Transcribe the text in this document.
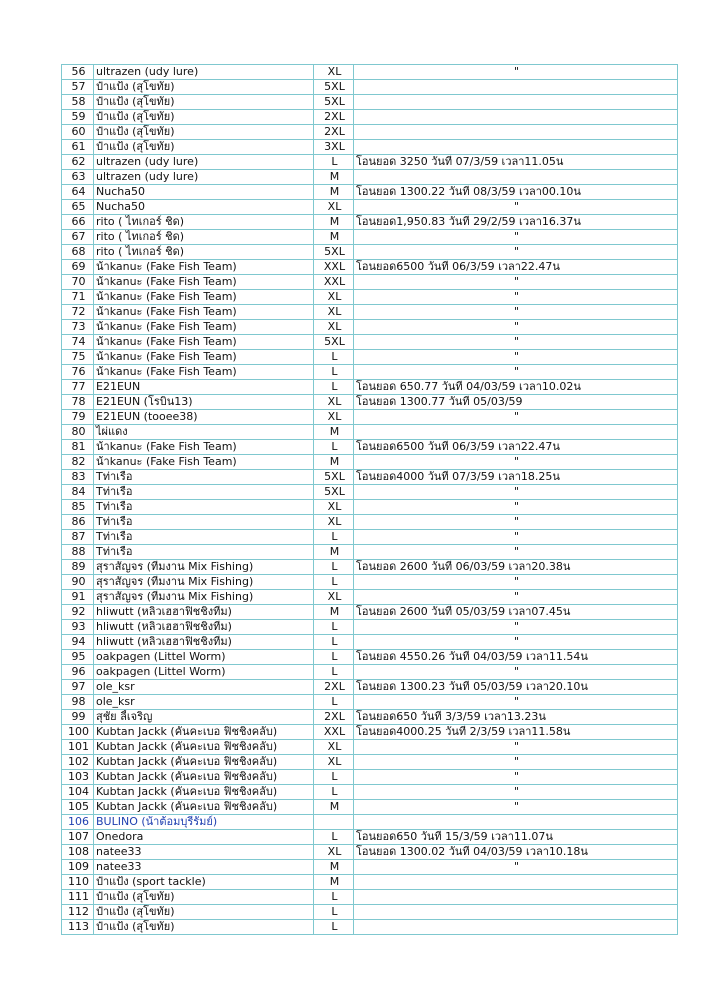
56	ultrazen (udy lure)	XL	"
57	ป๋าแป้ง (สุโขทัย)	5XL	
58	ป๋าแป้ง (สุโขทัย)	5XL	
59	ป๋าแป้ง (สุโขทัย)	2XL	
60	ป๋าแป้ง (สุโขทัย)	2XL	
61	ป๋าแป้ง (สุโขทัย)	3XL	
62	ultrazen (udy lure)	L	โอนยอด 3250 วันที่ 07/3/59 เวลา11.05น
63	ultrazen (udy lure)	M	
64	Nucha50	M	โอนยอด 1300.22 วันที่ 08/3/59 เวลา00.10น
65	Nucha50	XL	"
66	rito ( ไทเกอร์ ชิด)	M	โอนยอด1,950.83 วันที่ 29/2/59 เวลา16.37น
67	rito ( ไทเกอร์ ชิด)	M	"
68	rito ( ไทเกอร์ ชิด)	5XL	"
69	น้าkanuะ (Fake Fish Team)	XXL	โอนยอด6500 วันที่ 06/3/59 เวลา22.47น
70	น้าkanuะ (Fake Fish Team)	XXL	"
71	น้าkanuะ (Fake Fish Team)	XL	"
72	น้าkanuะ (Fake Fish Team)	XL	"
73	น้าkanuะ (Fake Fish Team)	XL	"
74	น้าkanuะ (Fake Fish Team)	5XL	"
75	น้าkanuะ (Fake Fish Team)	L	"
76	น้าkanuะ (Fake Fish Team)	L	"
77	E21EUN	L	โอนยอด 650.77 วันที่ 04/03/59 เวลา10.02น
78	E21EUN (โรบิน13)	XL	โอนยอด 1300.77 วันที่ 05/03/59
79	E21EUN (tooee38)	XL	"
80	ไผ่แดง	M	
81	น้าkanuะ (Fake Fish Team)	L	โอนยอด6500 วันที่ 06/3/59 เวลา22.47น
82	น้าkanuะ (Fake Fish Team)	M	"
83	Tท่าเรือ	5XL	โอนยอด4000 วันที่ 07/3/59 เวลา18.25น
84	Tท่าเรือ	5XL	"
85	Tท่าเรือ	XL	"
86	Tท่าเรือ	XL	"
87	Tท่าเรือ	L	"
88	Tท่าเรือ	M	"
89	สุราสัญจร (ทีมงาน Mix Fishing)	L	โอนยอด 2600 วันที่ 06/03/59 เวลา20.38น
90	สุราสัญจร (ทีมงาน Mix Fishing)	L	"
91	สุราสัญจร (ทีมงาน Mix Fishing)	XL	"
92	hliwutt (หลิวเฮฮาฟิชชิ่งทีม)	M	โอนยอด 2600 วันที่ 05/03/59 เวลา07.45น
93	hliwutt (หลิวเฮฮาฟิชชิ่งทีม)	L	"
94	hliwutt (หลิวเฮฮาฟิชชิ่งทีม)	L	"
95	oakpagen (Littel Worm)	L	โอนยอด 4550.26 วันที่ 04/03/59 เวลา11.54น
96	oakpagen (Littel Worm)	L	"
97	ole_ksr	2XL	โอนยอด 1300.23 วันที่ 05/03/59 เวลา20.10น
98	ole_ksr	L	"
99	สุชัย ลี้เจริญ	2XL	โอนยอด650 วันที่ 3/3/59 เวลา13.23น
100	Kubtan Jackk (คันคะเบอ ฟิชชิ่งคลับ)	XXL	โอนยอด4000.25 วันที่ 2/3/59 เวลา11.58น
101	Kubtan Jackk (คันคะเบอ ฟิชชิ่งคลับ)	XL	"
102	Kubtan Jackk (คันคะเบอ ฟิชชิ่งคลับ)	XL	"
103	Kubtan Jackk (คันคะเบอ ฟิชชิ่งคลับ)	L	"
104	Kubtan Jackk (คันคะเบอ ฟิชชิ่งคลับ)	L	"
105	Kubtan Jackk (คันคะเบอ ฟิชชิ่งคลับ)	M	"
106	BULINO (น้าต้อมบุรีรัมย์)		
107	Onedora	L	โอนยอด650 วันที่ 15/3/59 เวลา11.07น
108	natee33	XL	โอนยอด 1300.02 วันที่ 04/03/59 เวลา10.18น
109	natee33	M	"
110	ป๋าแป้ง (sport tackle)	M	
111	ป๋าแป้ง (สุโขทัย)	L	
112	ป๋าแป้ง (สุโขทัย)	L	
113	ป๋าแป้ง (สุโขทัย)	L	
